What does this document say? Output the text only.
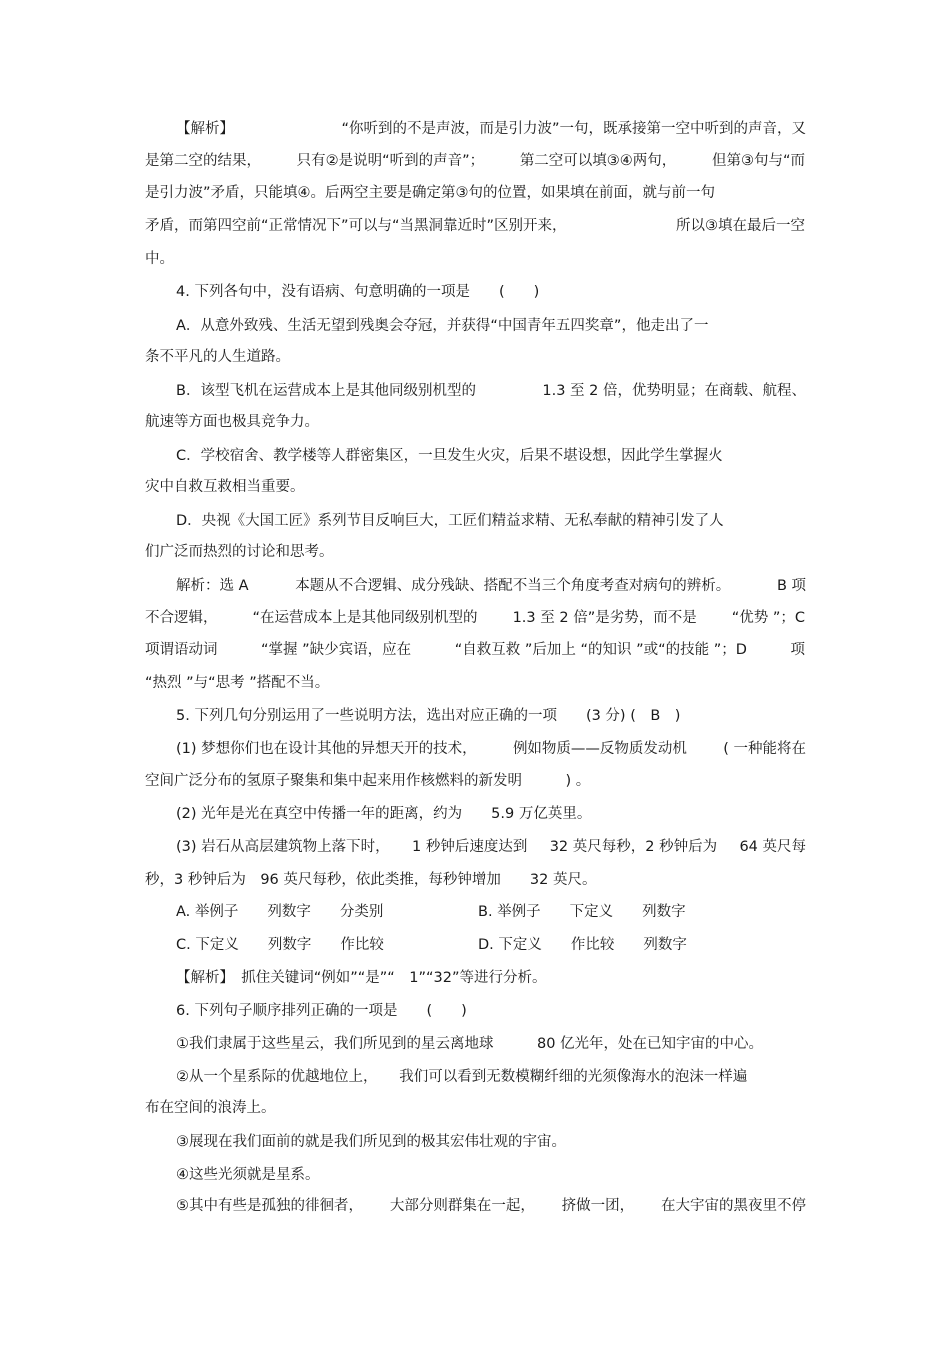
【解析】	“你听到的不是声波，而是引力波”一句，既承接第一空中听到的声音，又
是第二空的结果， 只有②是说明“听到的声音”； 第二空可以填③④两句， 但第③句与“而
是引力波”矛盾，只能填④。后两空主要是确定第③句的位置，如果填在前面，就与前一句
矛盾，而第四空前“正常情况下”可以与“当黑洞靠近时”区别开来，	所以③填在最后一空
中。
4. 下列各句中，没有语病、句意明确的一项是　　(　　)
A．从意外致残、生活无望到残奥会夺冠，并获得“中国青年五四奖章”，他走出了一
条不平凡的人生道路。
B．该型飞机在运营成本上是其他同级别机型的	1.3 至 2 倍，优势明显；在商载、航程、
航速等方面也极具竞争力。
C．学校宿舍、教学楼等人群密集区，一旦发生火灾，后果不堪设想，因此学生掌握火
灾中自救互救相当重要。
D．央视《大国工匠》系列节目反响巨大，工匠们精益求精、无私奉献的精神引发了人
们广泛而热烈的讨论和思考。
解析：选 A	本题从不合逻辑、成分残缺、搭配不当三个角度考查对病句的辨析。	B 项
不合逻辑， “在运营成本上是其他同级别机型的 1.3 至 2 倍”是劣势，而不是 “优势 ”；C
项谓语动词	“掌握 ”缺少宾语，应在	“自救互救 ”后加上 “的知识 ”或“的技能 ”；D	项
“热烈 ”与“思考 ”搭配不当。
5. 下列几句分别运用了一些说明方法，选出对应正确的一项　　(3 分) (　B　)
(1) 梦想你们也在设计其他的异想天开的技术，	例如物质——反物质发动机	( 一种能将在
空间广泛分布的氢原子聚集和集中起来用作核燃料的新发明　　　) 。
(2) 光年是光在真空中传播一年的距离，约为　　5.9 万亿英里。
(3) 岩石从高层建筑物上落下时， 1 秒钟后速度达到 32 英尺每秒，2 秒钟后为 64 英尺每
秒，3 秒钟后为　96 英尺每秒，依此类推，每秒钟增加　　32 英尺。
A. 举例子　　列数字　　分类别	B. 举例子　　下定义　　列数字
C. 下定义　　列数字　　作比较	D. 下定义　　作比较　　列数字
【解析】　抓住关键词“例如”“是”“　1”“32”等进行分析。
6. 下列句子顺序排列正确的一项是　　(　　)
①我们隶属于这些星云，我们所见到的星云离地球　　　80 亿光年，处在已知宇宙的中心。
②从一个星系际的优越地位上，　　我们可以看到无数模糊纤细的光须像海水的泡沫一样遍
布在空间的浪涛上。
③展现在我们面前的就是我们所见到的极其宏伟壮观的宇宙。
④这些光须就是星系。
⑤其中有些是孤独的徘徊者， 大部分则群集在一起， 挤做一团， 在大宇宙的黑夜里不停
